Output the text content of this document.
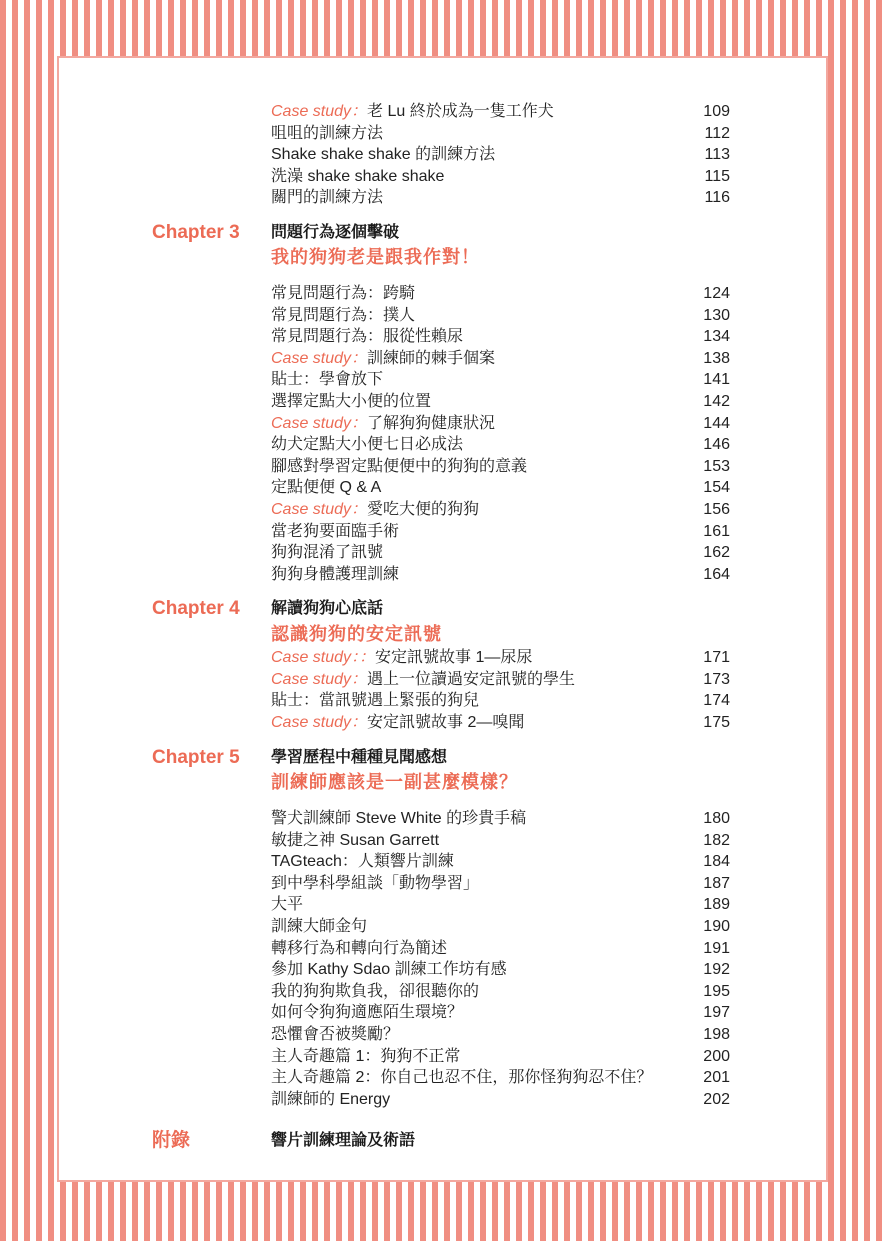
Case study：老 Lu 終於成為一隻工作犬	109
咀咀的訓練方法	112
Shake shake shake 的訓練方法	113
洗澡 shake shake shake	115
關門的訓練方法	116
Chapter 3 問題行為逐個擊破
我的狗狗老是跟我作對！
常見問題行為：跨騎	124
常見問題行為：撲人	130
常見問題行為：服從性賴尿	134
Case study：訓練師的棘手個案	138
貼士：學會放下	141
選擇定點大小便的位置	142
Case study：了解狗狗健康狀況	144
幼犬定點大小便七日必成法	146
腳感對學習定點便便中的狗狗的意義	153
定點便便 Q & A	154
Case study：愛吃大便的狗狗	156
當老狗要面臨手術	161
狗狗混淆了訊號	162
狗狗身體護理訓練	164
Chapter 4 解讀狗狗心底話
認識狗狗的安定訊號
Case study：：安定訊號故事 1—尿尿	171
Case study：遇上一位讀過安定訊號的學生	173
貼士：當訊號遇上緊張的狗兒	174
Case study：安定訊號故事 2—嗅聞	175
Chapter 5 學習歷程中種種見聞感想
訓練師應該是一副甚麼模樣？
警犬訓練師 Steve White 的珍貴手稿	180
敏捷之神 Susan Garrett	182
TAGteach：人類響片訓練	184
到中學科學組談「動物學習」	187
大平	189
訓練大師金句	190
轉移行為和轉向行為簡述	191
參加 Kathy Sdao 訓練工作坊有感	192
我的狗狗欺負我，卻很聽你的	195
如何令狗狗適應陌生環境？	197
恐懼會否被獎勵？	198
主人奇趣篇 1：狗狗不正常	200
主人奇趣篇 2：你自己也忍不住，那你怪狗狗忍不住？	201
訓練師的 Energy	202
附錄	響片訓練理論及術語
